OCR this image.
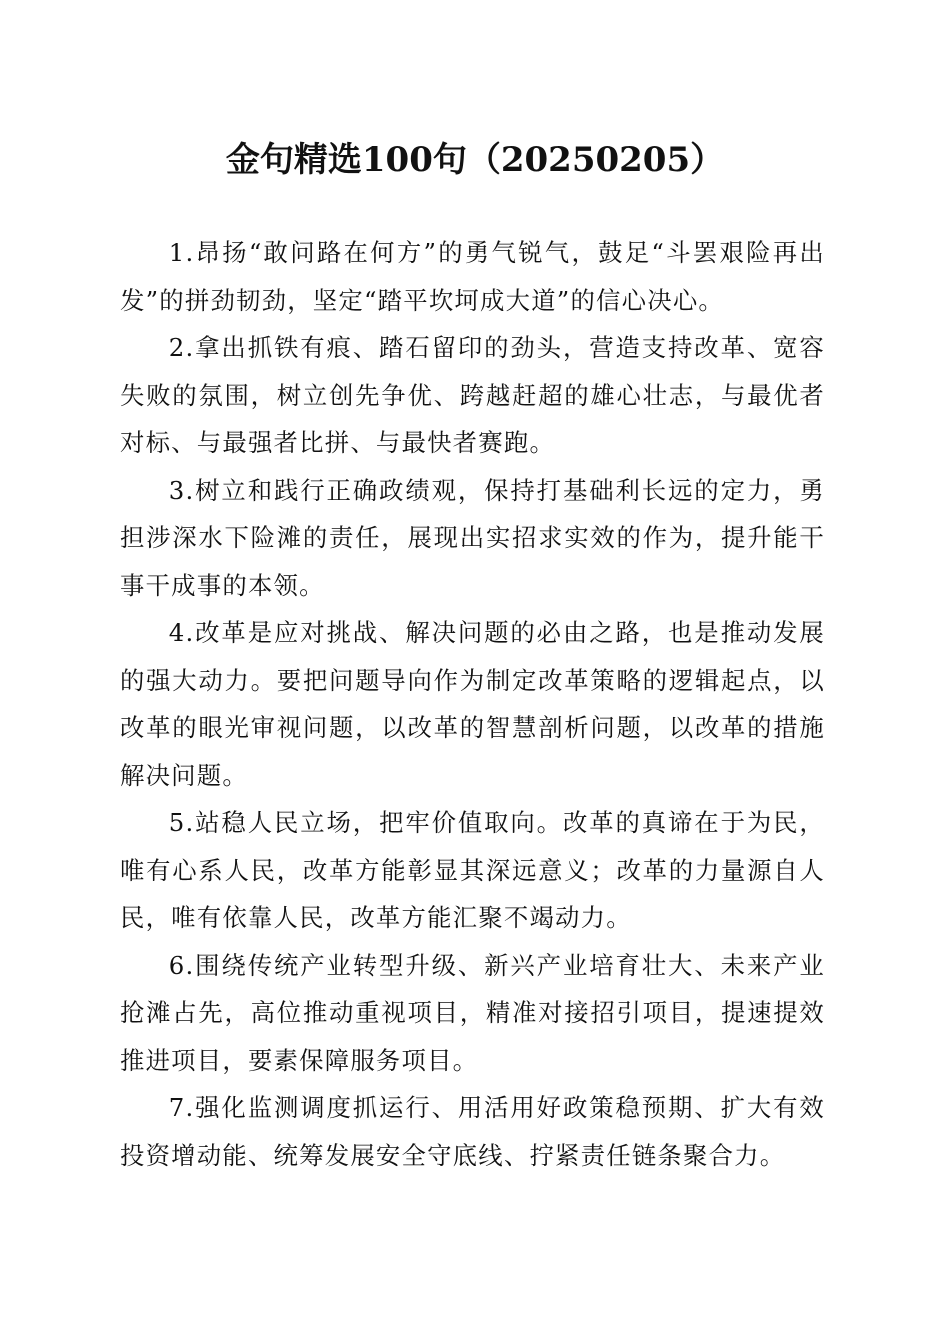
金句精选100句（20250205）

1.昂扬“敢问路在何方”的勇气锐气，鼓足“斗罢艰险再出发”的拼劲韧劲，坚定“踏平坎坷成大道”的信心决心。

2.拿出抓铁有痕、踏石留印的劲头，营造支持改革、宽容失败的氛围，树立创先争优、跨越赶超的雄心壮志，与最优者对标、与最强者比拼、与最快者赛跑。

3.树立和践行正确政绩观，保持打基础利长远的定力，勇担涉深水下险滩的责任，展现出实招求实效的作为，提升能干事干成事的本领。

4.改革是应对挑战、解决问题的必由之路，也是推动发展的强大动力。要把问题导向作为制定改革策略的逻辑起点，以改革的眼光审视问题，以改革的智慧剖析问题，以改革的措施解决问题。

5.站稳人民立场，把牢价值取向。改革的真谛在于为民，唯有心系人民，改革方能彰显其深远意义；改革的力量源自人民，唯有依靠人民，改革方能汇聚不竭动力。

6.围绕传统产业转型升级、新兴产业培育壮大、未来产业抢滩占先，高位推动重视项目，精准对接招引项目，提速提效推进项目，要素保障服务项目。

7.强化监测调度抓运行、用活用好政策稳预期、扩大有效投资增动能、统筹发展安全守底线、拧紧责任链条聚合力。
